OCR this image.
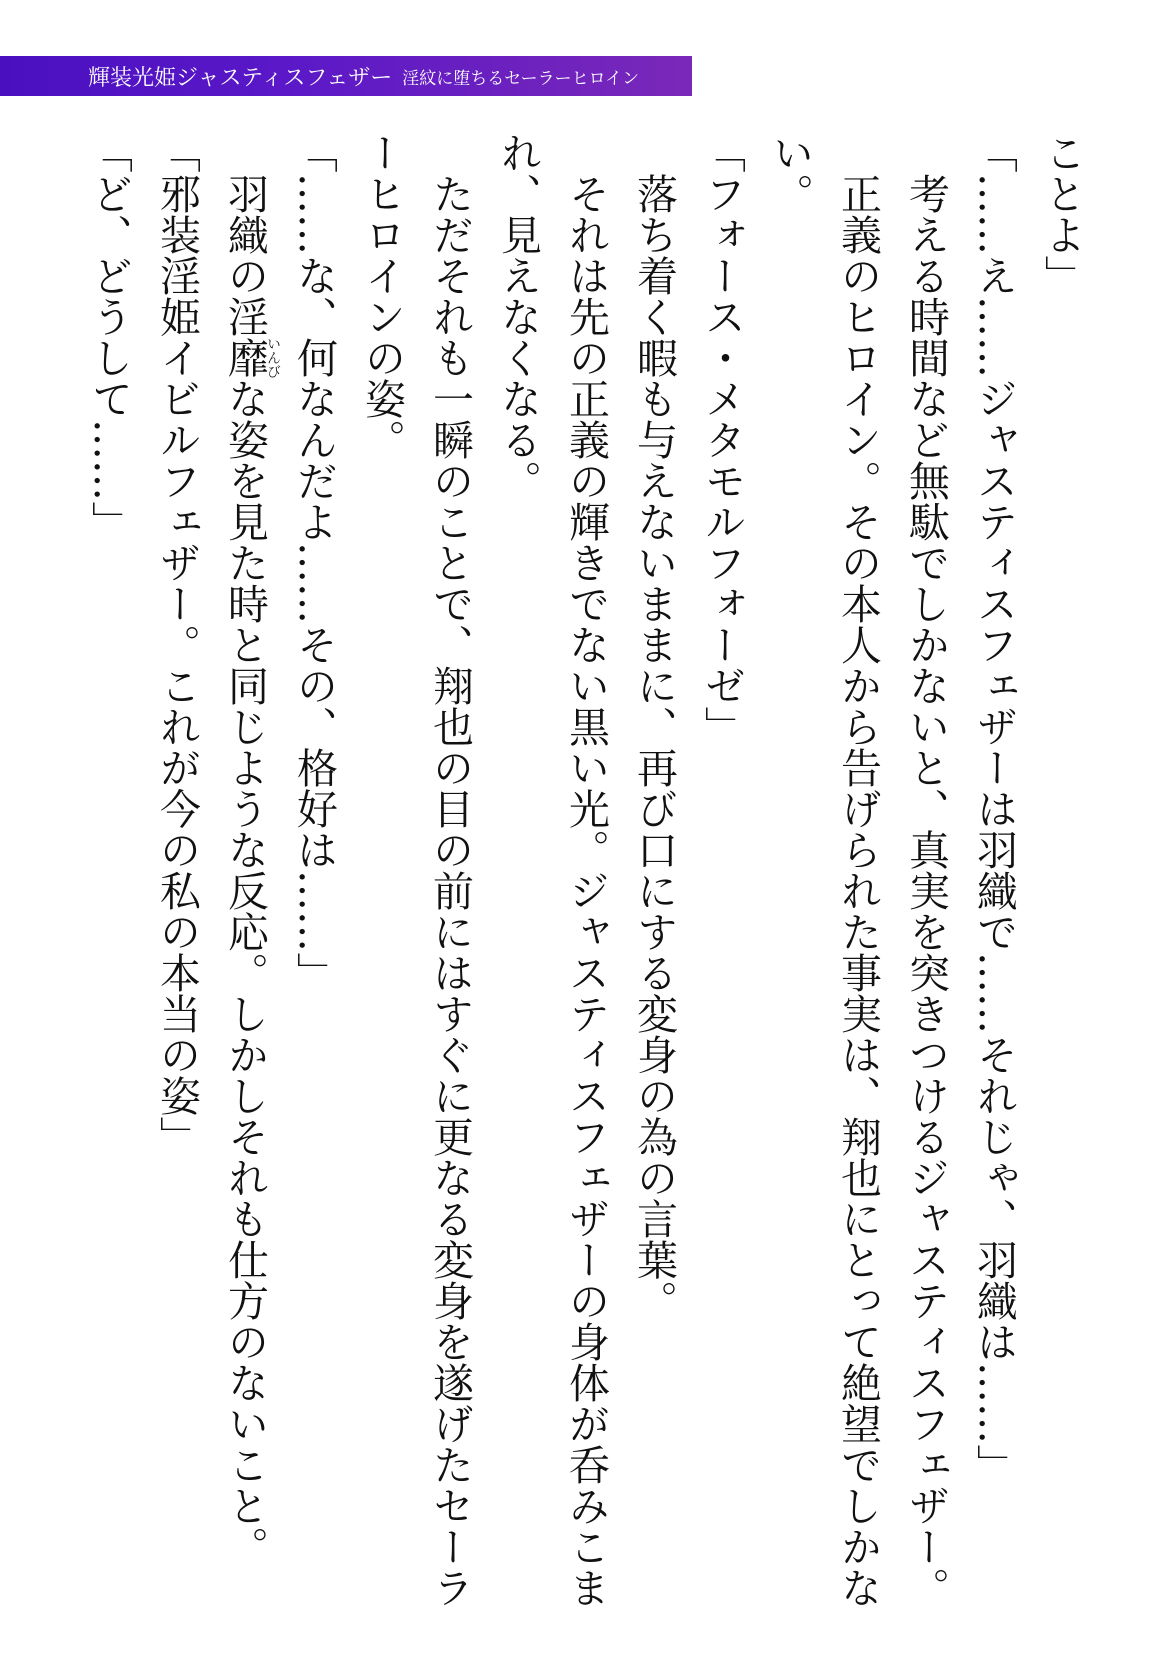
輝装光姫ジャスティスフェザー 淫紋に堕ちるセーラーヒロイン

ことよ」

「……え……ジャスティスフェザーは羽織で……それじゃ、羽織は……」

　考える時間など無駄でしかないと、真実を突きつけるジャスティスフェザー。

　正義のヒロイン。その本人から告げられた事実は、翔也にとって絶望でしかな

い。

「フォース・メタモルフォーゼ」

　落ち着く暇も与えないままに、再び口にする変身の為の言葉。

　それは先の正義の輝きでない黒い光。ジャスティスフェザーの身体が呑みこま

れ、見えなくなる。

　ただそれも一瞬のことで、翔也の目の前にはすぐに更なる変身を遂げたセーラ

ーヒロインの姿。

「……な、何なんだよ……その、格好は……」

　羽織の淫靡いんびな姿を見た時と同じような反応。しかしそれも仕方のないこと。

「邪装淫姫イビルフェザー。これが今の私の本当の姿」

「ど、どうして……」
